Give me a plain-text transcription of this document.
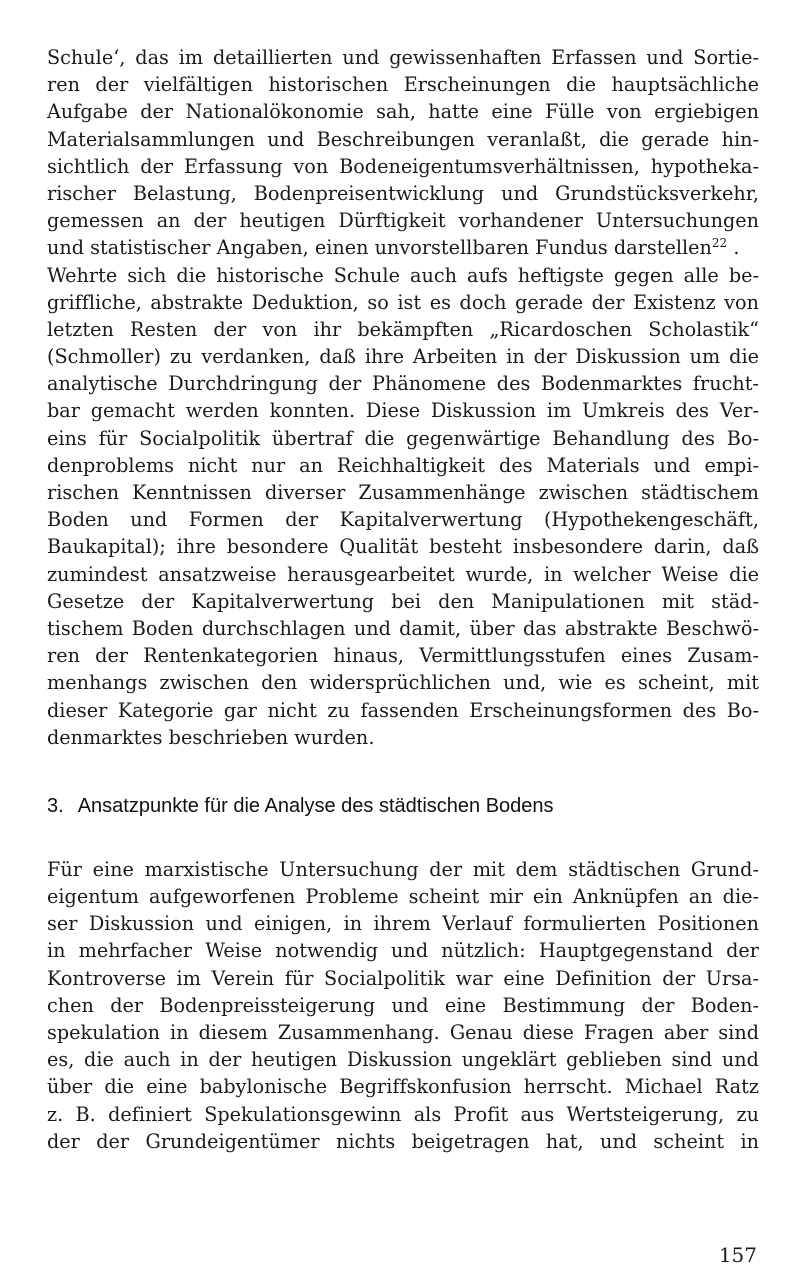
Schule‘, das im detaillierten und gewissenhaften Erfassen und Sortie-
ren der vielfältigen historischen Erscheinungen die hauptsächliche
Aufgabe der Nationalökonomie sah, hatte eine Fülle von ergiebigen
Materialsammlungen und Beschreibungen veranlaßt, die gerade hin-
sichtlich der Erfassung von Bodeneigentumsverhältnissen, hypotheka-
rischer Belastung, Bodenpreisentwicklung und Grundstücksverkehr,
gemessen an der heutigen Dürftigkeit vorhandener Untersuchungen
und statistischer Angaben, einen unvorstellbaren Fundus darstellen$^{22}$ .
Wehrte sich die historische Schule auch aufs heftigste gegen alle be-
griffliche, abstrakte Deduktion, so ist es doch gerade der Existenz von
letzten Resten der von ihr bekämpften „Ricardoschen Scholastik“
(Schmoller) zu verdanken, daß ihre Arbeiten in der Diskussion um die
analytische Durchdringung der Phänomene des Bodenmarktes frucht-
bar gemacht werden konnten. Diese Diskussion im Umkreis des Ver-
eins für Socialpolitik übertraf die gegenwärtige Behandlung des Bo-
denproblems nicht nur an Reichhaltigkeit des Materials und empi-
rischen Kenntnissen diverser Zusammenhänge zwischen städtischem
Boden und Formen der Kapitalverwertung (Hypothekengeschäft,
Baukapital); ihre besondere Qualität besteht insbesondere darin, daß
zumindest ansatzweise herausgearbeitet wurde, in welcher Weise die
Gesetze der Kapitalverwertung bei den Manipulationen mit städ-
tischem Boden durchschlagen und damit, über das abstrakte Beschwö-
ren der Rentenkategorien hinaus, Vermittlungsstufen eines Zusam-
menhangs zwischen den widersprüchlichen und, wie es scheint, mit
dieser Kategorie gar nicht zu fassenden Erscheinungsformen des Bo-
denmarktes beschrieben wurden.
3. Ansatzpunkte für die Analyse des städtischen Bodens
Für eine marxistische Untersuchung der mit dem städtischen Grund-
eigentum aufgeworfenen Probleme scheint mir ein Anknüpfen an die-
ser Diskussion und einigen, in ihrem Verlauf formulierten Positionen
in mehrfacher Weise notwendig und nützlich: Hauptgegenstand der
Kontroverse im Verein für Socialpolitik war eine Definition der Ursa-
chen der Bodenpreissteigerung und eine Bestimmung der Boden-
spekulation in diesem Zusammenhang. Genau diese Fragen aber sind
es, die auch in der heutigen Diskussion ungeklärt geblieben sind und
über die eine babylonische Begriffskonfusion herrscht. Michael Ratz
z. B. definiert Spekulationsgewinn als Profit aus Wertsteigerung, zu
der der Grundeigentümer nichts beigetragen hat, und scheint in
157
